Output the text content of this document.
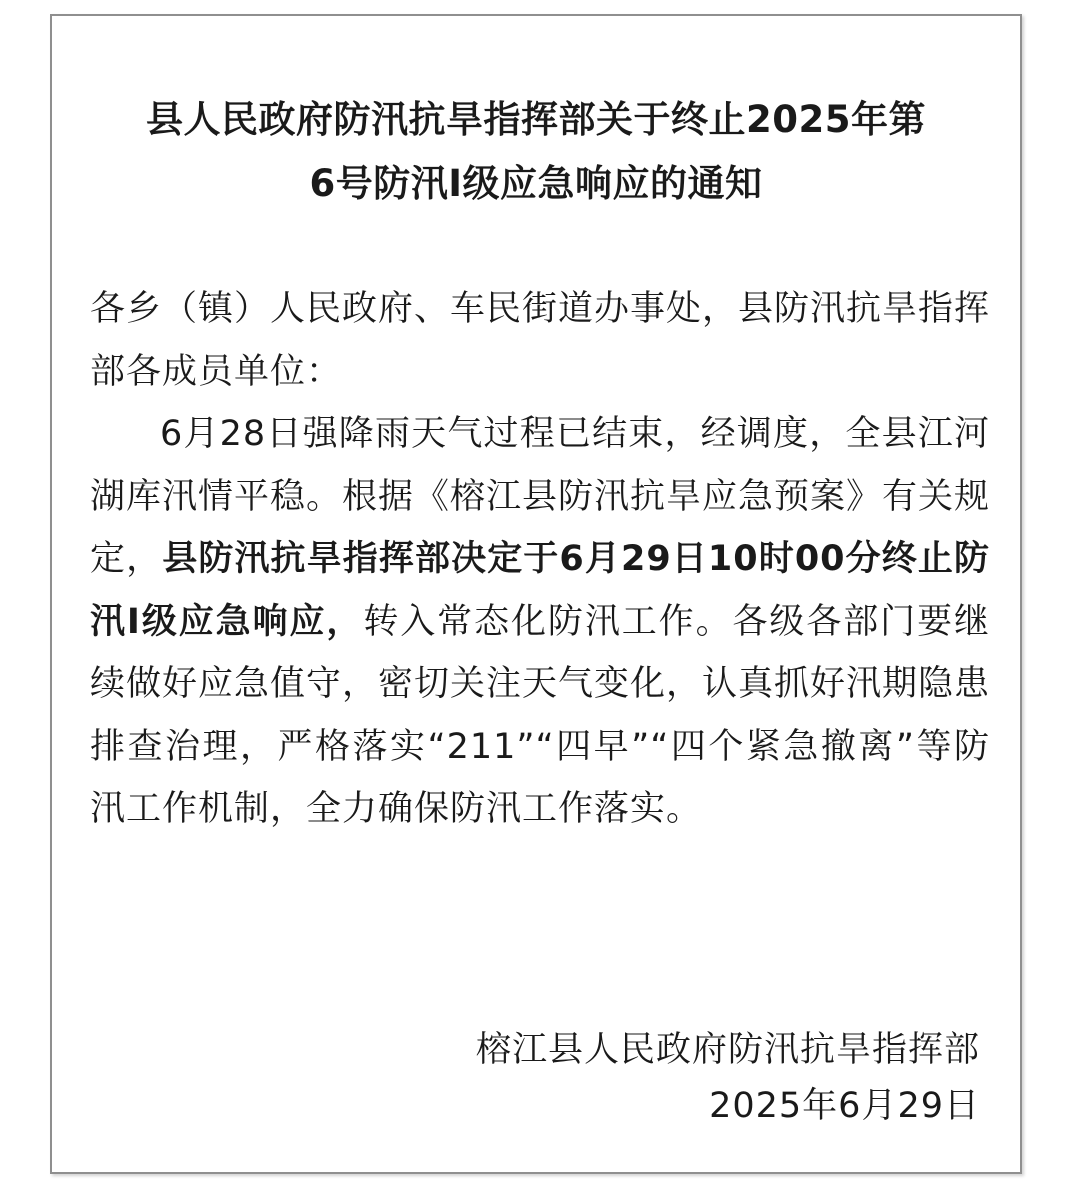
县人民政府防汛抗旱指挥部关于终止2025年第
6号防汛Ⅰ级应急响应的通知

各乡（镇）人民政府、车民街道办事处，县防汛抗旱指挥部各成员单位：

6月28日强降雨天气过程已结束，经调度，全县江河湖库汛情平稳。根据《榕江县防汛抗旱应急预案》有关规定，县防汛抗旱指挥部决定于6月29日10时00分终止防汛Ⅰ级应急响应，转入常态化防汛工作。各级各部门要继续做好应急值守，密切关注天气变化，认真抓好汛期隐患排查治理，严格落实“211”“四早”“四个紧急撤离”等防汛工作机制，全力确保防汛工作落实。

榕江县人民政府防汛抗旱指挥部
2025年6月29日
